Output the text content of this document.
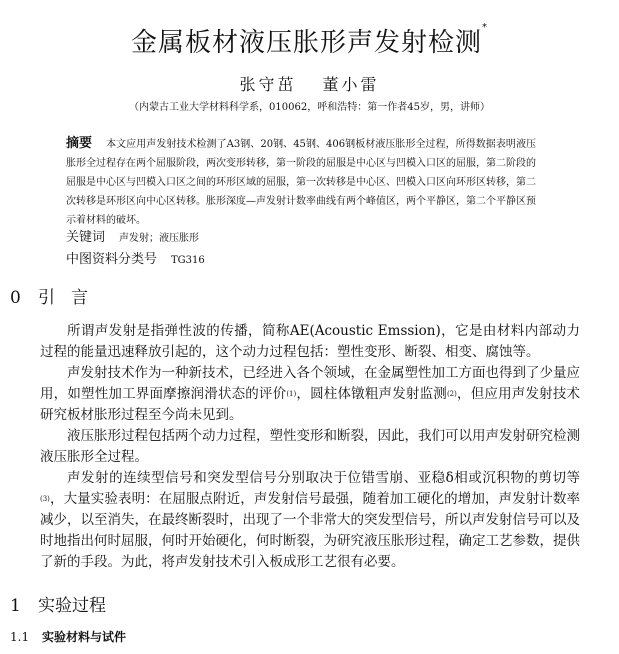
金属板材液压胀形声发射检测*
张守茁 董小雷
（内蒙古工业大学材料科学系，010062，呼和浩特：第一作者45岁，男，讲师）
摘要 本文应用声发射技术检测了A3钢、20钢、45钢、406钢板材液压胀形全过程，所得数据表明液压胀形全过程存在两个屈服阶段，两次变形转移，第一阶段的屈服是中心区与凹模入口区的屈服，第二阶段的屈服是中心区与凹模入口区之间的环形区域的屈服，第一次转移是中心区、凹模入口区向环形区转移，第二次转移是环形区向中心区转移。胀形深度—声发射计数率曲线有两个峰值区，两个平静区，第二个平静区预示着材料的破坏。
关键词 声发射；液压胀形
中图资料分类号 TG316
0 引言

所谓声发射是指弹性波的传播，简称AE(Acoustic Emssion)，它是由材料内部动力过程的能量迅速释放引起的，这个动力过程包括：塑性变形、断裂、相变、腐蚀等。

声发射技术作为一种新技术，已经进入各个领域，在金属塑性加工方面也得到了少量应用，如塑性加工界面摩擦润滑状态的评价$^{(1)}$，圆柱体镦粗声发射监测$^{(2)}$，但应用声发射技术研究板材胀形过程至今尚未见到。

液压胀形过程包括两个动力过程，塑性变形和断裂，因此，我们可以用声发射研究检测液压胀形全过程。

声发射的连续型信号和突发型信号分别取决于位错雪崩、亚稳δ相或沉积物的剪切等$^{(3)}$，大量实验表明：在屈服点附近，声发射信号最强，随着加工硬化的增加，声发射计数率减少，以至消失，在最终断裂时，出现了一个非常大的突发型信号，所以声发射信号可以及时地指出何时屈服，何时开始硬化，何时断裂，为研究液压胀形过程，确定工艺参数，提供了新的手段。为此，将声发射技术引入板成形工艺很有必要。

1 实验过程
1.1 实验材料与试件
